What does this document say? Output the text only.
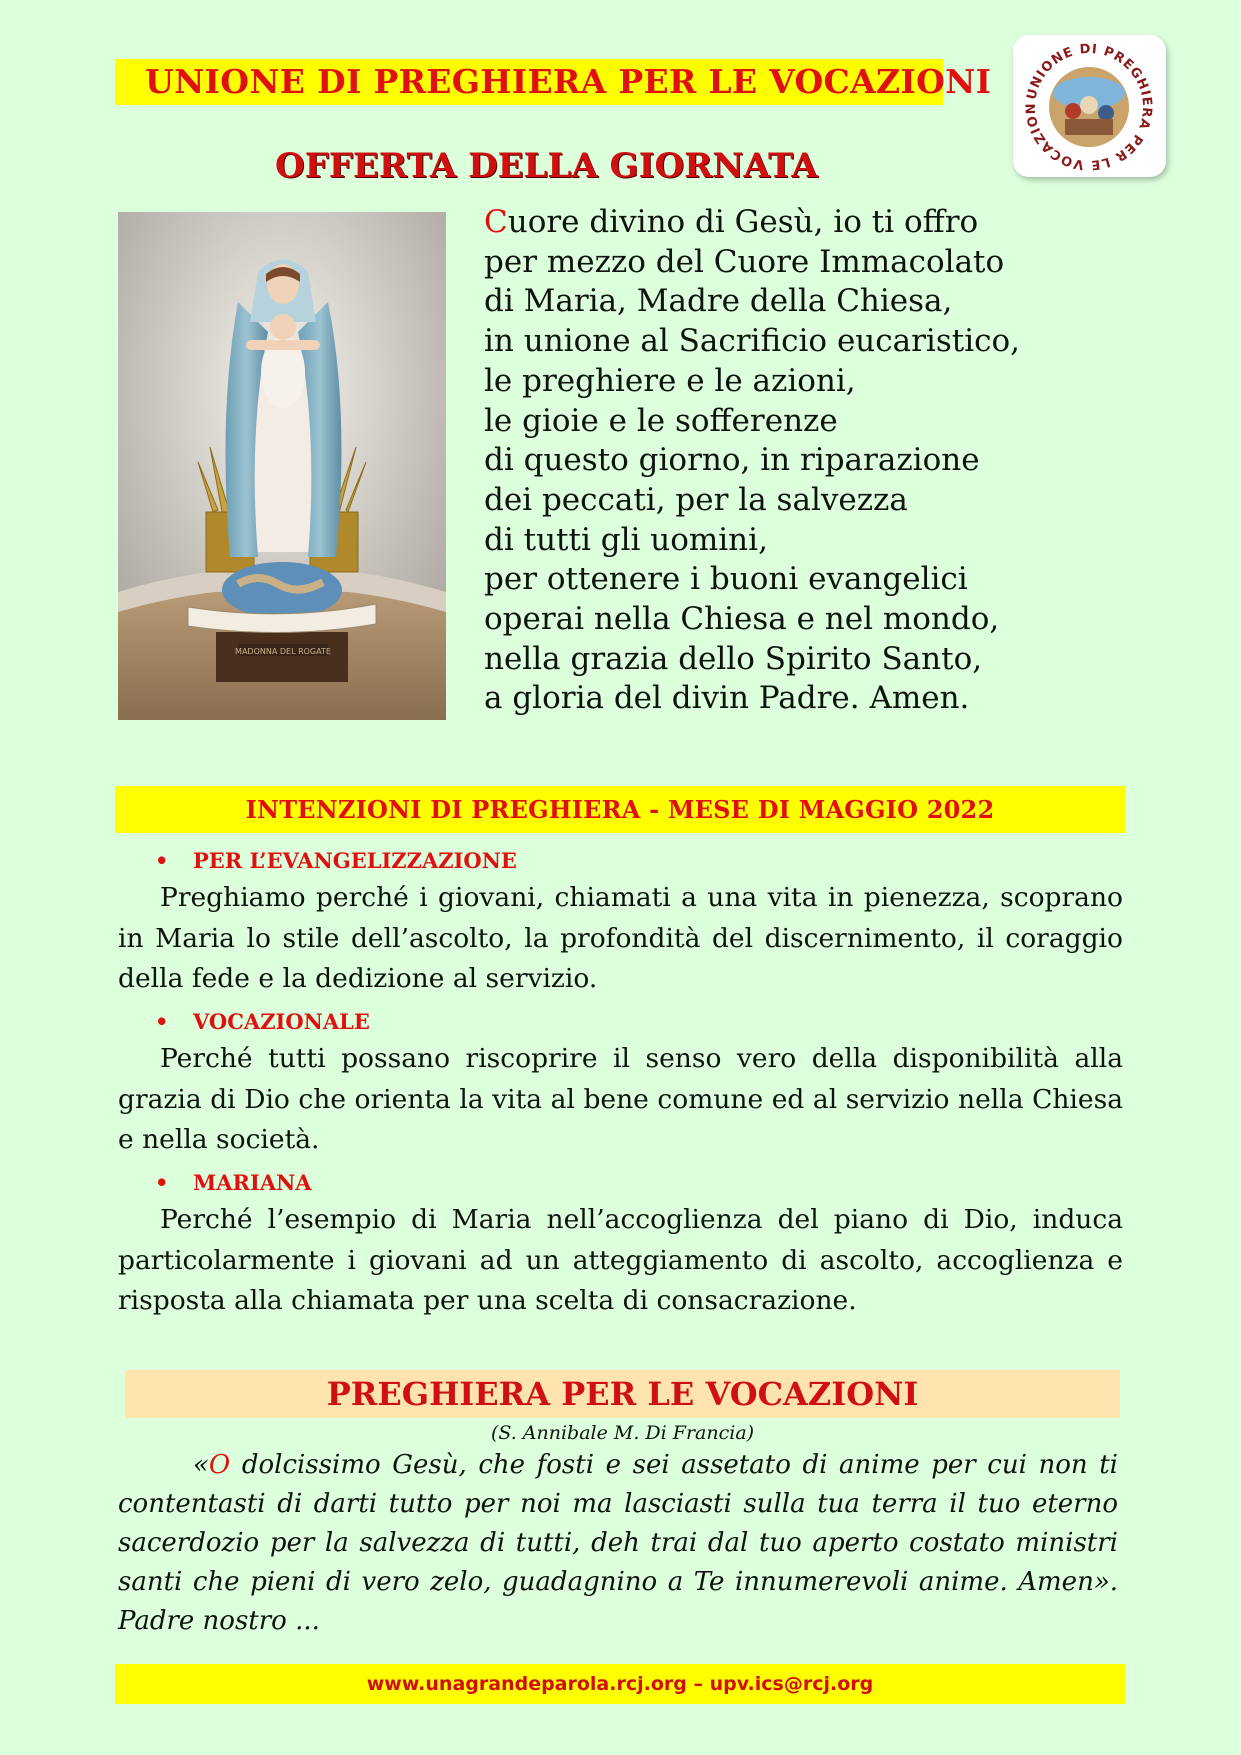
UNIONE DI PREGHIERA PER LE VOCAZIONI	UNIONE DI PREGHIERA PER LE VOCAZION
OFFERTA DELLA GIORNATA
MADONNA DEL ROGATE
Cuore divino di Gesù, io ti offro
per mezzo del Cuore Immacolato
di Maria, Madre della Chiesa,
in unione al Sacrificio eucaristico,
le preghiere e le azioni,
le gioie e le sofferenze
di questo giorno, in riparazione
dei peccati, per la salvezza
di tutti gli uomini,
per ottenere i buoni evangelici
operai nella Chiesa e nel mondo,
nella grazia dello Spirito Santo,
a gloria del divin Padre. Amen.
INTENZIONI DI PREGHIERA - MESE DI MAGGIO 2022
• PER L’EVANGELIZZAZIONE
Preghiamo perché i giovani, chiamati a una vita in pienezza, scoprano in Maria lo stile dell’ascolto, la profondità del discernimento, il coraggio della fede e la dedizione al servizio.
• VOCAZIONALE
Perché tutti possano riscoprire il senso vero della disponibilità alla grazia di Dio che orienta la vita al bene comune ed al servizio nella Chiesa e nella società.
• MARIANA
Perché l’esempio di Maria nell’accoglienza del piano di Dio, induca particolarmente i giovani ad un atteggiamento di ascolto, accoglienza e risposta alla chiamata per una scelta di consacrazione.
PREGHIERA PER LE VOCAZIONI
(S. Annibale M. Di Francia)
«O dolcissimo Gesù, che fosti e sei assetato di anime per cui non ti contentasti di darti tutto per noi ma lasciasti sulla tua terra il tuo eterno sacerdozio per la salvezza di tutti, deh trai dal tuo aperto costato ministri santi che pieni di vero zelo, guadagnino a Te innumerevoli anime. Amen». Padre nostro ...
www.unagrandeparola.rcj.org – upv.ics@rcj.org
